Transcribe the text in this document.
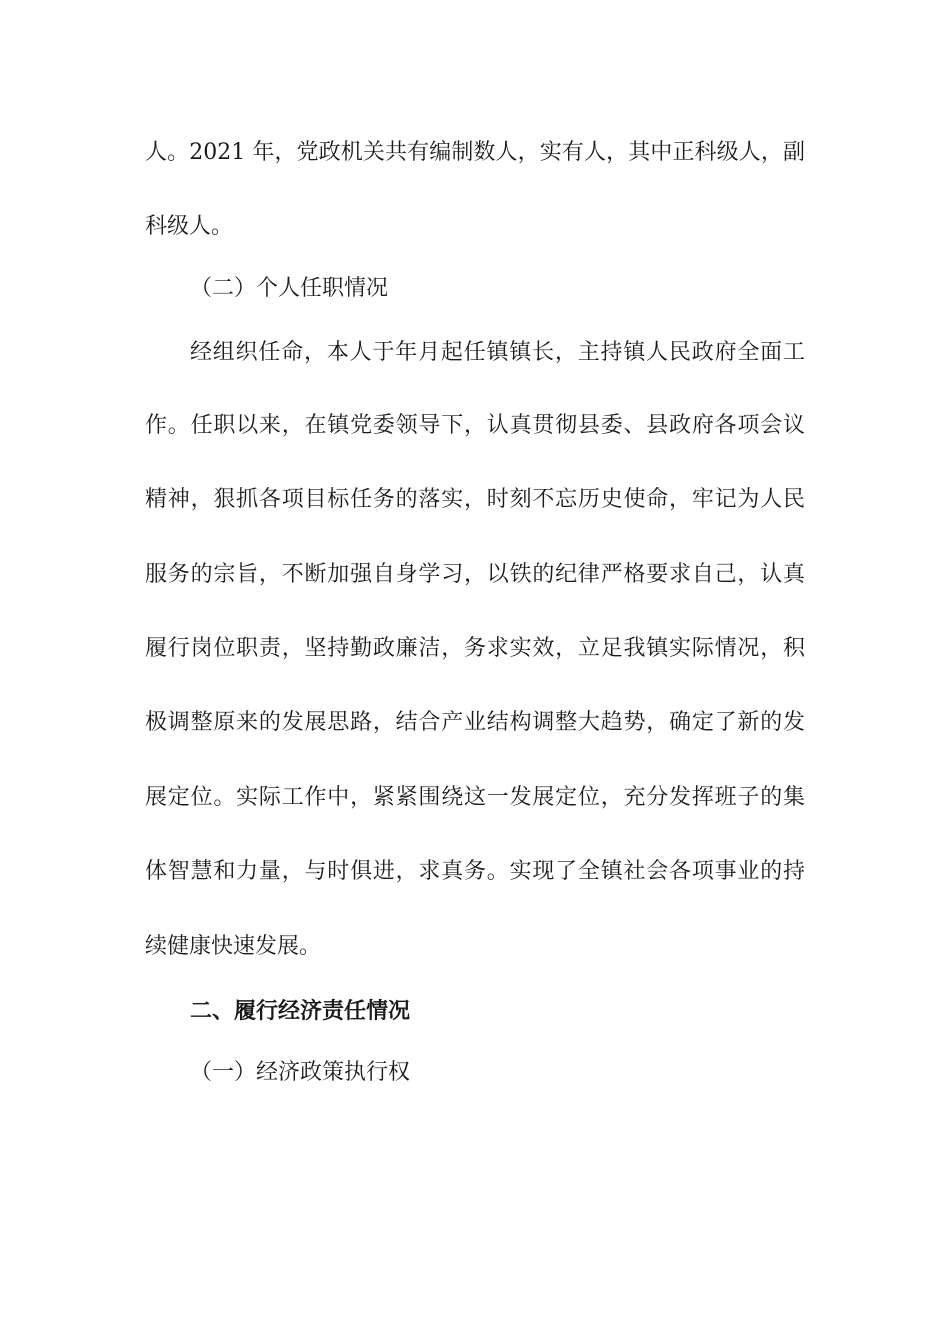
人。2021 年，党政机关共有编制数人，实有人，其中正科级人，副
科级人。
（二）个人任职情况
经组织任命，本人于年月起任镇镇长，主持镇人民政府全面工
作。任职以来，在镇党委领导下，认真贯彻县委、县政府各项会议
精神，狠抓各项目标任务的落实，时刻不忘历史使命，牢记为人民
服务的宗旨，不断加强自身学习，以铁的纪律严格要求自己，认真
履行岗位职责，坚持勤政廉洁，务求实效，立足我镇实际情况，积
极调整原来的发展思路，结合产业结构调整大趋势，确定了新的发
展定位。实际工作中，紧紧围绕这一发展定位，充分发挥班子的集
体智慧和力量，与时俱进，求真务。实现了全镇社会各项事业的持
续健康快速发展。
二、履行经济责任情况
（一）经济政策执行权
